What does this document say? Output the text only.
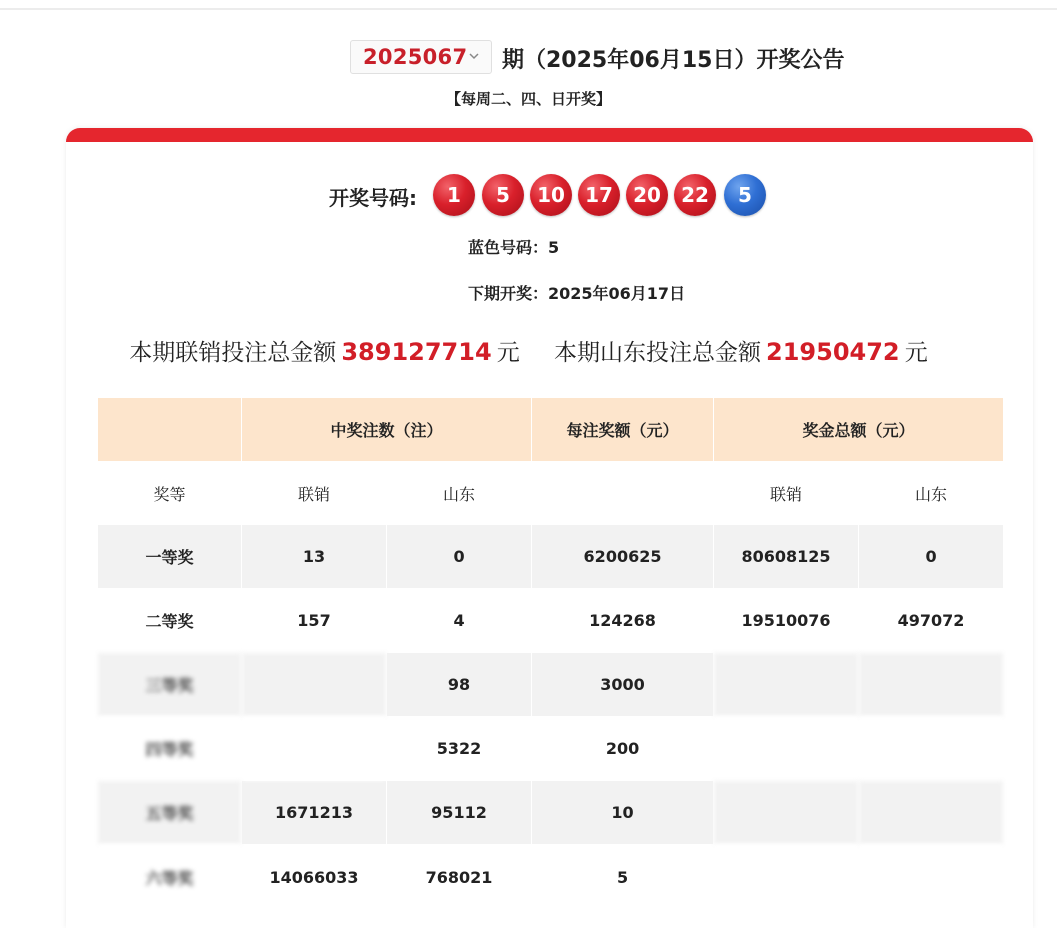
2025067 期（2025年06月15日）开奖公告
【每周二、四、日开奖】
开奖号码:	1	5	10	17	20	22	5
蓝色号码：5
下期开奖：2025年06月17日
本期联销投注总金额 389127714 元 本期山东投注总金额 21950472 元
	中奖注数（注）		每注奖额（元）	奖金总额（元）	
奖等	联销	山东		联销	山东
一等奖	13	0	6200625	80608125	0
二等奖	157	4	124268	19510076	497072
三等奖		98	3000		
四等奖		5322	200		
五等奖	1671213	95112	10		
六等奖	14066033	768021	5		
